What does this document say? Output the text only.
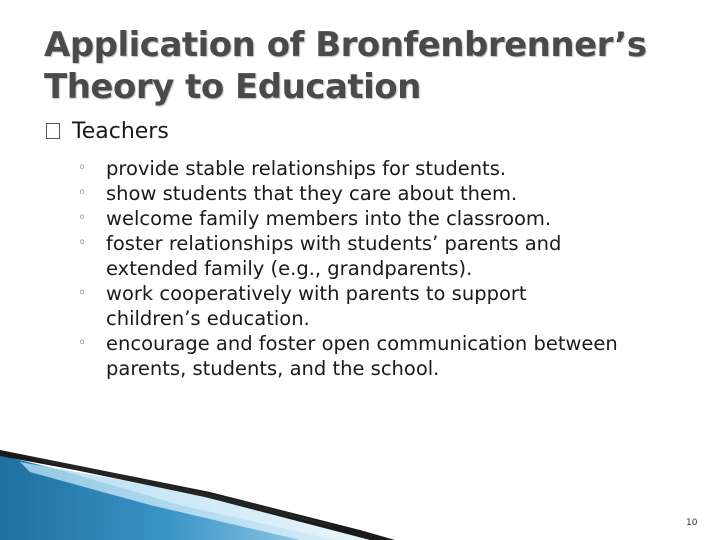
Application of Bronfenbrenner’s
Theory to Education
Teachers
◦ provide stable relationships for students.
◦ show students that they care about them.
◦ welcome family members into the classroom.
◦ foster relationships with students’ parents and
extended family (e.g., grandparents).
◦ work cooperatively with parents to support
children’s education.
◦ encourage and foster open communication between
parents, students, and the school.
10
